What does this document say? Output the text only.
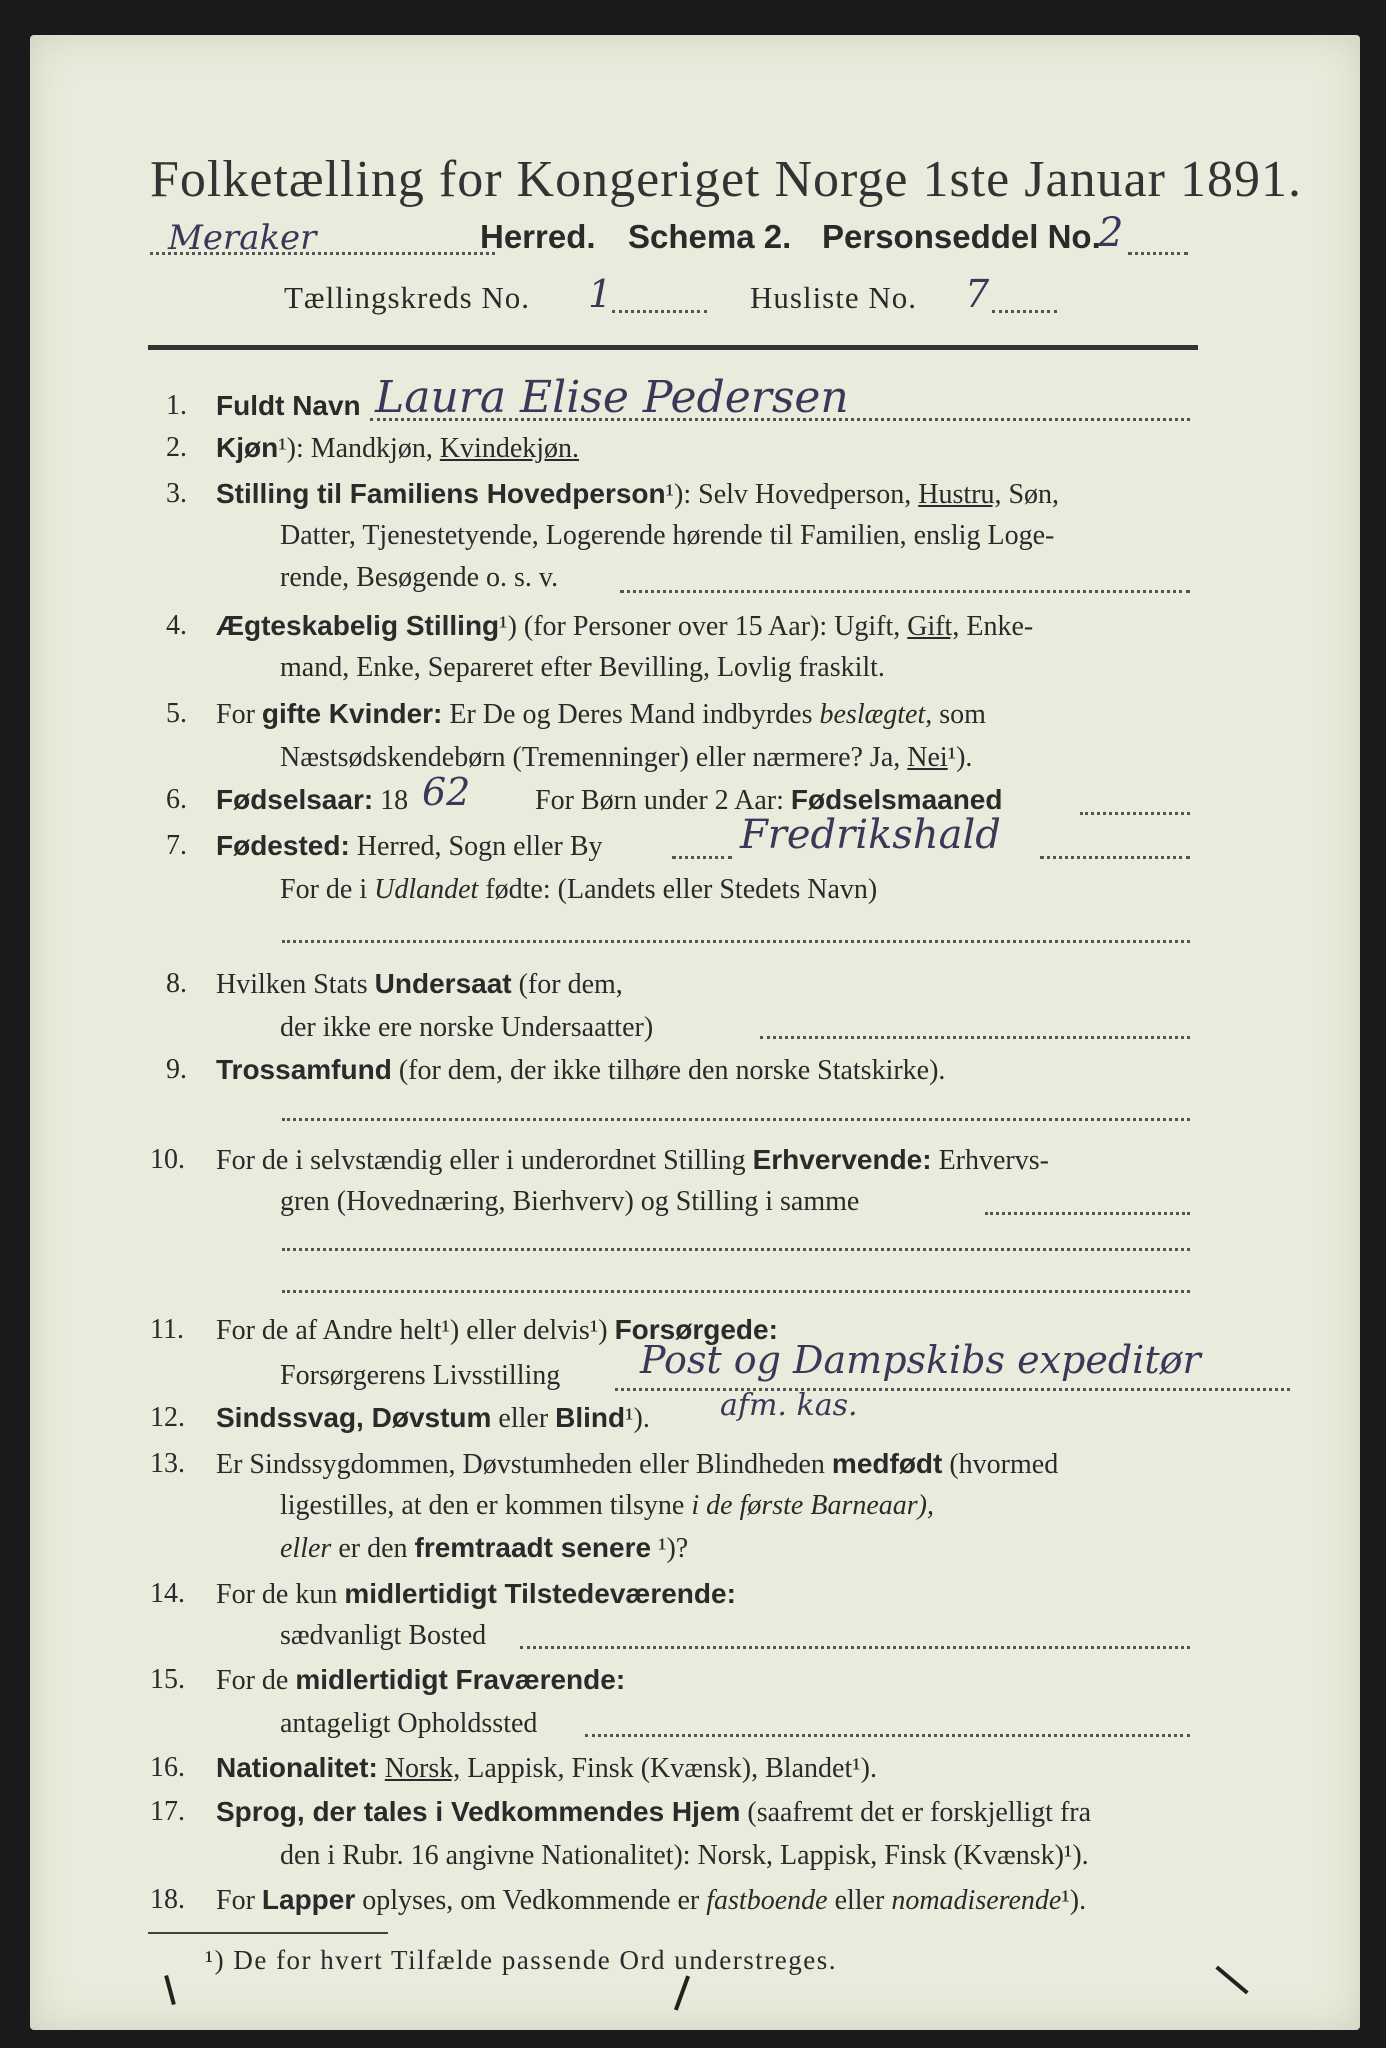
Folketælling for Kongeriget Norge 1ste Januar 1891.
Meraker	Herred. Schema 2. Personseddel No.
2
Tællingskreds No. 1	Husliste No. 7
1. Fuldt Navn Laura Elise Pedersen
2. Kjøn¹): Mandkjøn, Kvindekjøn.
3. Stilling til Familiens Hovedperson¹): Selv Hovedperson, Hustru, Søn,
Datter, Tjenestetyende, Logerende hørende til Familien, enslig Loge-
rende, Besøgende o. s. v.
4. Ægteskabelig Stilling¹) (for Personer over 15 Aar): Ugift, Gift, Enke-
mand, Enke, Separeret efter Bevilling, Lovlig fraskilt.
5. For gifte Kvinder: Er De og Deres Mand indbyrdes beslægtet, som
Næstsødskendebørn (Tremenninger) eller nærmere? Ja, Nei¹).
6. Fødselsaar: 18 62 For Børn under 2 Aar: Fødselsmaaned
7. Fødested: Herred, Sogn eller By	Fredrikshald
For de i Udlandet fødte: (Landets eller Stedets Navn)
8. Hvilken Stats Undersaat (for dem,
der ikke ere norske Undersaatter)
9. Trossamfund (for dem, der ikke tilhøre den norske Statskirke).
10. For de i selvstændig eller i underordnet Stilling Erhvervende: Erhvervs-
gren (Hovednæring, Bierhverv) og Stilling i samme
11. For de af Andre helt¹) eller delvis¹) Forsørgede:
Forsørgerens Livsstilling Post og Dampskibs expeditør
afm. kas.
12. Sindssvag, Døvstum eller Blind¹).
13. Er Sindssygdommen, Døvstumheden eller Blindheden medfødt (hvormed
ligestilles, at den er kommen tilsyne i de første Barneaar),
eller er den fremtraadt senere ¹)?
14. For de kun midlertidigt Tilstedeværende:
sædvanligt Bosted
15. For de midlertidigt Fraværende:
antageligt Opholdssted
16. Nationalitet: Norsk, Lappisk, Finsk (Kvænsk), Blandet¹).
17. Sprog, der tales i Vedkommendes Hjem (saafremt det er forskjelligt fra
den i Rubr. 16 angivne Nationalitet): Norsk, Lappisk, Finsk (Kvænsk)¹).
18. For Lapper oplyses, om Vedkommende er fastboende eller nomadiserende¹).
¹) De for hvert Tilfælde passende Ord understreges.
